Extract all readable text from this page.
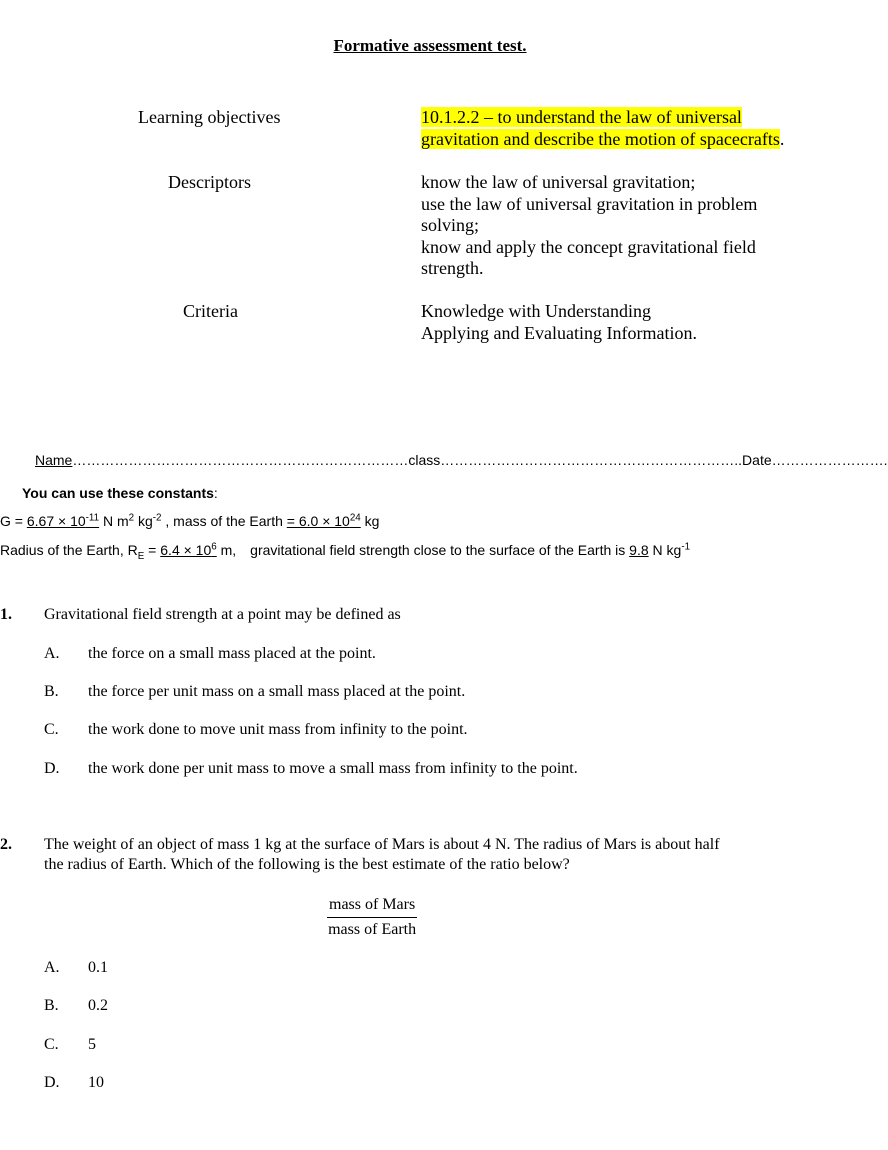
Formative assessment test.
Learning objectives	10.1.2.2 – to understand the law of universal
gravitation and describe the motion of spacecrafts.
Descriptors	know the law of universal gravitation;
use the law of universal gravitation in problem
solving;
know and apply the concept gravitational field
strength.
Criteria	Knowledge with Understanding
Applying and Evaluating Information.
Name………………………………………………………………class………………………………………………………..Date…………………….
You can use these constants:
$G = 6.67 \times 10^{-11}$ N $m^2$ $kg^{-2}$ , mass of the Earth = $6.0 \times 10^{24}$ kg
Radius of the Earth, $R_E = 6.4 \times 10^6$ m, gravitational field strength close to the surface of the Earth is 9.8 N $kg^{-1}$
1. Gravitational field strength at a point may be defined as
A. the force on a small mass placed at the point.
B. the force per unit mass on a small mass placed at the point.
C. the work done to move unit mass from infinity to the point.
D. the work done per unit mass to move a small mass from infinity to the point.
2. The weight of an object of mass 1 kg at the surface of Mars is about 4 N. The radius of Mars is about half
the radius of Earth. Which of the following is the best estimate of the ratio below?
mass of Mars
mass of Earth
A. 0.1
B. 0.2
C. 5
D. 10
